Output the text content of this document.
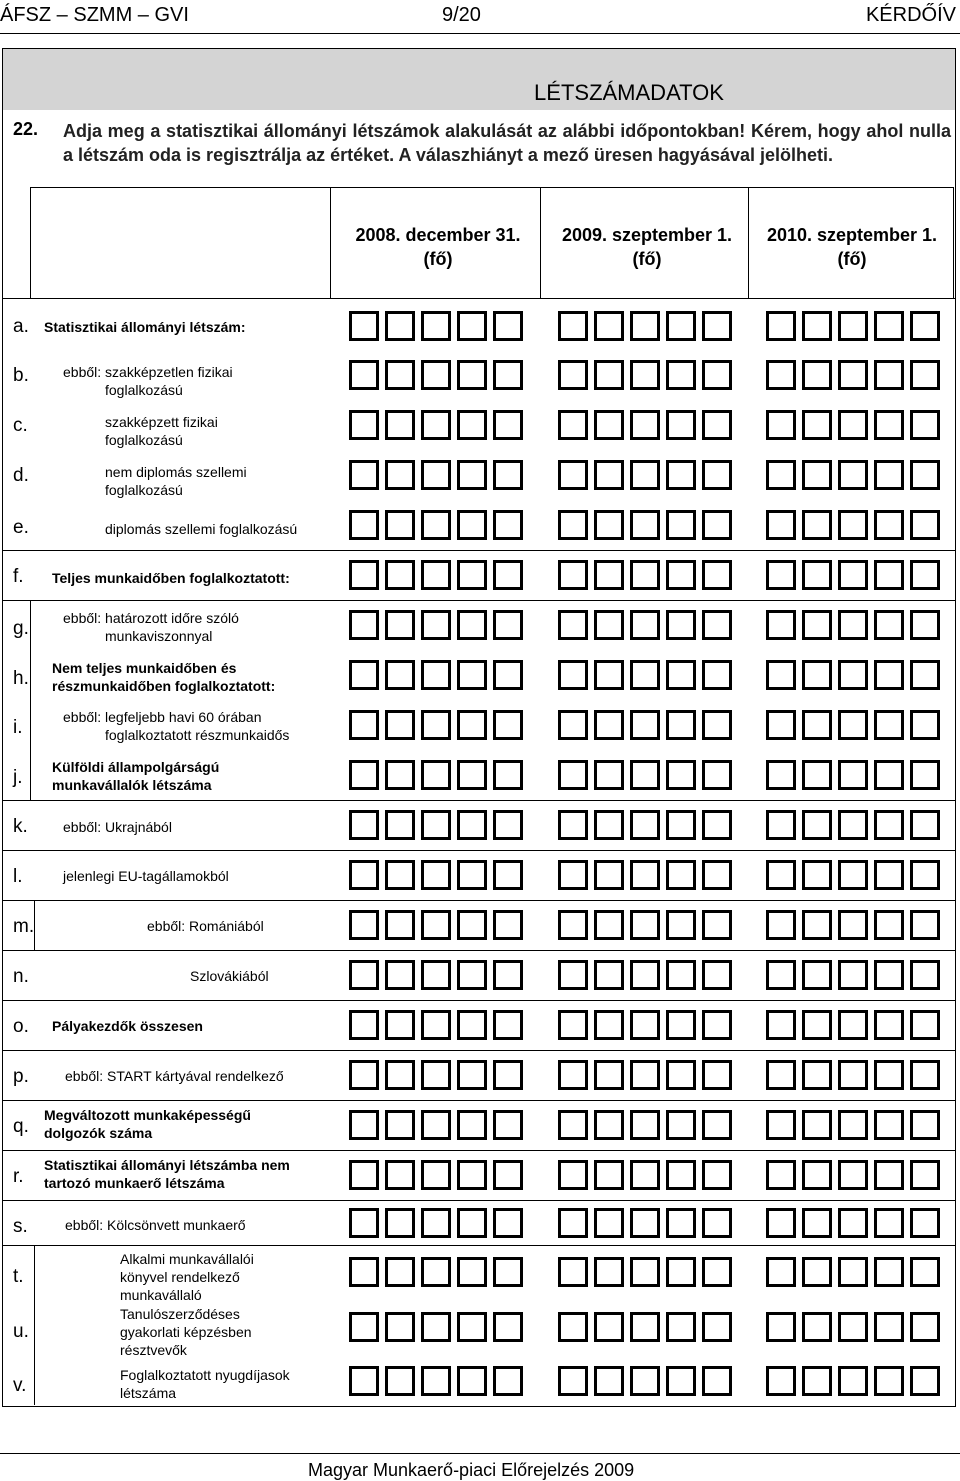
ÁFSZ – SZMM – GVI	9/20	KÉRDŐÍV
LÉTSZÁMADATOK
22. Adja meg a statisztikai állományi létszámok alakulását az alábbi időpontokban! Kérem, hogy ahol nulla a létszám oda is regisztrálja az értéket. A válaszhiányt a mező üresen hagyásával jelölheti.
2008. december 31.
(fő)
2009. szeptember 1.
(fő)
2010. szeptember 1.
(fő)
a. Statisztikai állományi létszám:
b. ebből: szakképzetlen fizikai foglalkozású
c.	szakképzett fizikai foglalkozású
d.	nem diplomás szellemi foglalkozású
e.	diplomás szellemi foglalkozású
f. Teljes munkaidőben foglalkoztatott:
g. ebből: határozott időre szóló munkaviszonnyal
h. Nem teljes munkaidőben és részmunkaidőben foglalkoztatott:
i.	ebből: legfeljebb havi 60 órában foglalkoztatott részmunkaidős
j. Külföldi állampolgárságú munkavállalók létszáma
k.	ebből: Ukrajnából
l.	jelenlegi EU-tagállamokból
m.	ebből: Romániából
n.	Szlovákiából
o. Pályakezdők összesen
p.	ebből: START kártyával rendelkező
q.
Megváltozott munkaképességű dolgozók száma
r.
Statisztikai állományi létszámba nem tartozó munkaerő létszáma
s.	ebből: Kölcsönvett munkaerő
t.
Alkalmi munkavállalói könyvel rendelkező munkavállaló
u.
Tanulószerződéses gyakorlati képzésben résztvevők
v.	Foglalkoztatott nyugdíjasok létszáma
Magyar Munkaerő-piaci Előrejelzés 2009
